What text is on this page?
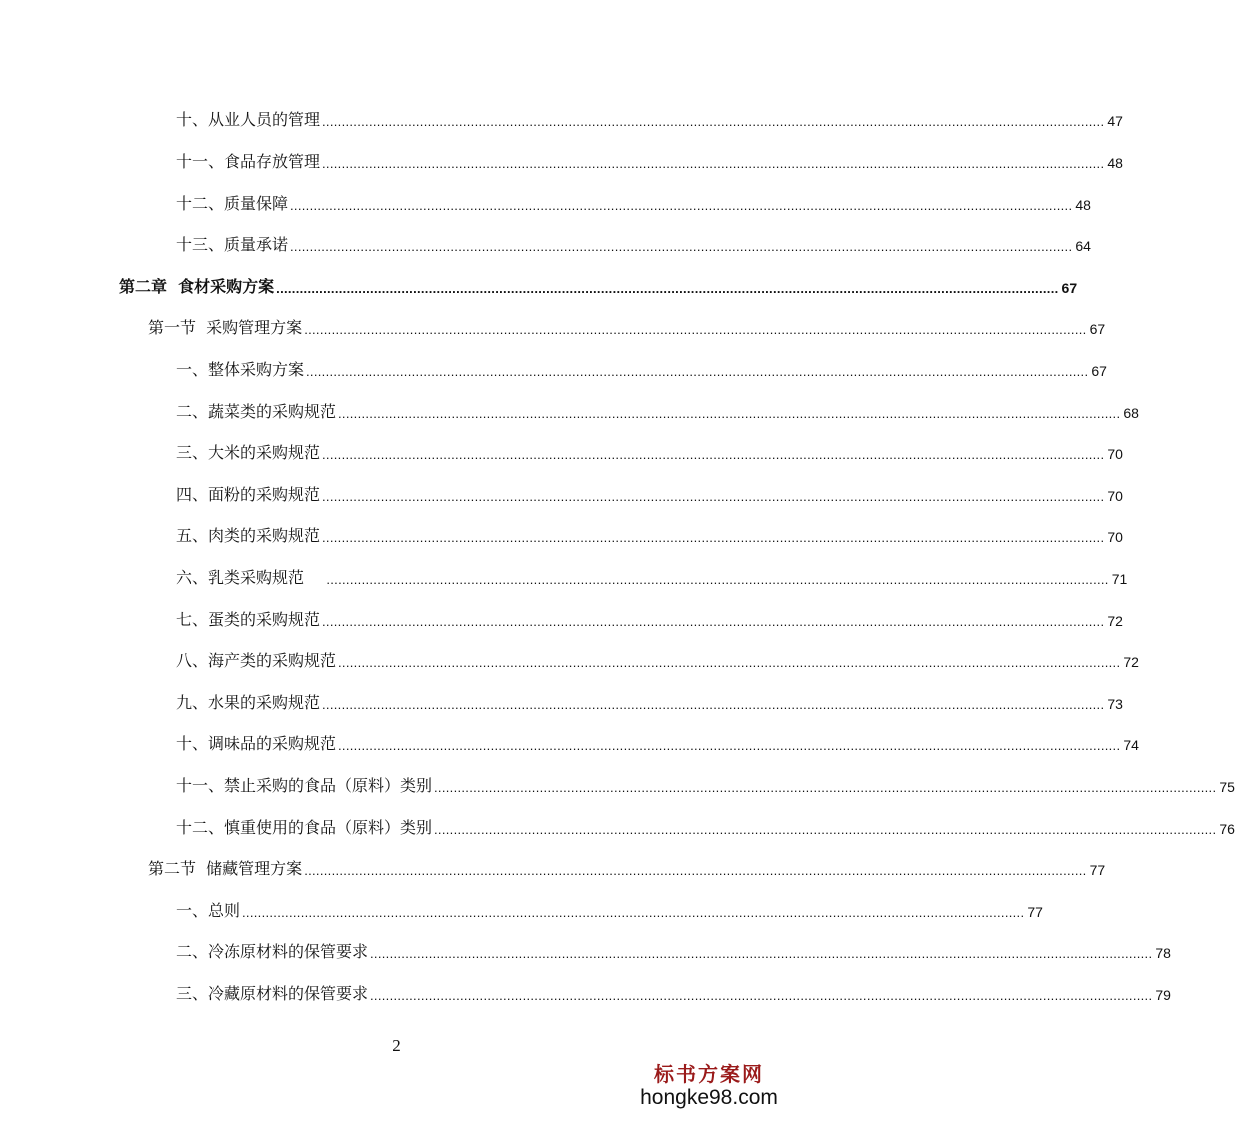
十、从业人员的管理 ........................................................................................................................................................................................................ 47
十一、食品存放管理 ........................................................................................................................................................................................................ 48
十二、质量保障 ........................................................................................................................................................................................................ 48
十三、质量承诺 ........................................................................................................................................................................................................ 64
第二章  食材采购方案 ........................................................................................................................................................................................................ 67
第一节  采购管理方案 ........................................................................................................................................................................................................ 67
一、整体采购方案 ........................................................................................................................................................................................................ 67
二、蔬菜类的采购规范 ........................................................................................................................................................................................................ 68
三、大米的采购规范 ........................................................................................................................................................................................................ 70
四、面粉的采购规范 ........................................................................................................................................................................................................ 70
五、肉类的采购规范 ........................................................................................................................................................................................................ 70
六、乳类采购规范 ........................................................................................................................................................................................................ 71
七、蛋类的采购规范 ........................................................................................................................................................................................................ 72
八、海产类的采购规范 ........................................................................................................................................................................................................ 72
九、水果的采购规范 ........................................................................................................................................................................................................ 73
十、调味品的采购规范 ........................................................................................................................................................................................................ 74
十一、禁止采购的食品（原料）类别 ........................................................................................................................................................................................................ 75
十二、慎重使用的食品（原料）类别 ........................................................................................................................................................................................................ 76
第二节  储藏管理方案 ........................................................................................................................................................................................................ 77
一、总则 ........................................................................................................................................................................................................ 77
二、冷冻原材料的保管要求 ........................................................................................................................................................................................................ 78
三、冷藏原材料的保管要求 ........................................................................................................................................................................................................ 79
2
标书方案网
hongke98.com
